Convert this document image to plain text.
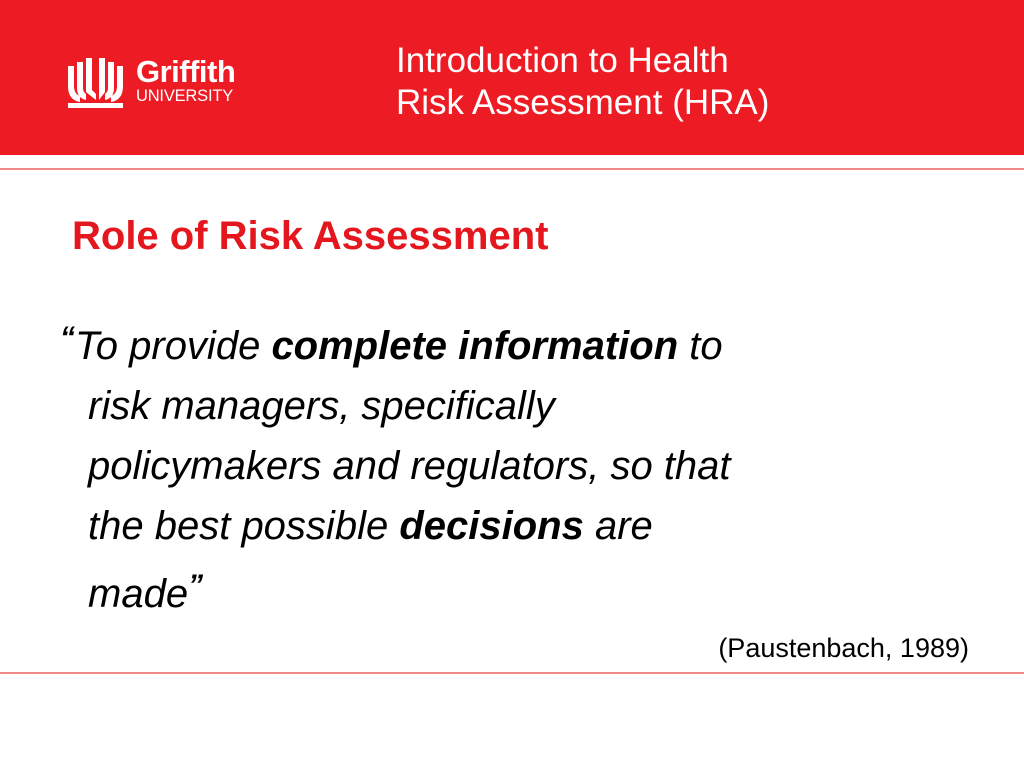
Griffith
UNIVERSITY
Introduction to Health
Risk Assessment (HRA)
Role of Risk Assessment
“To provide complete information to
risk managers, specifically
policymakers and regulators, so that
the best possible decisions are
made”
(Paustenbach, 1989)
